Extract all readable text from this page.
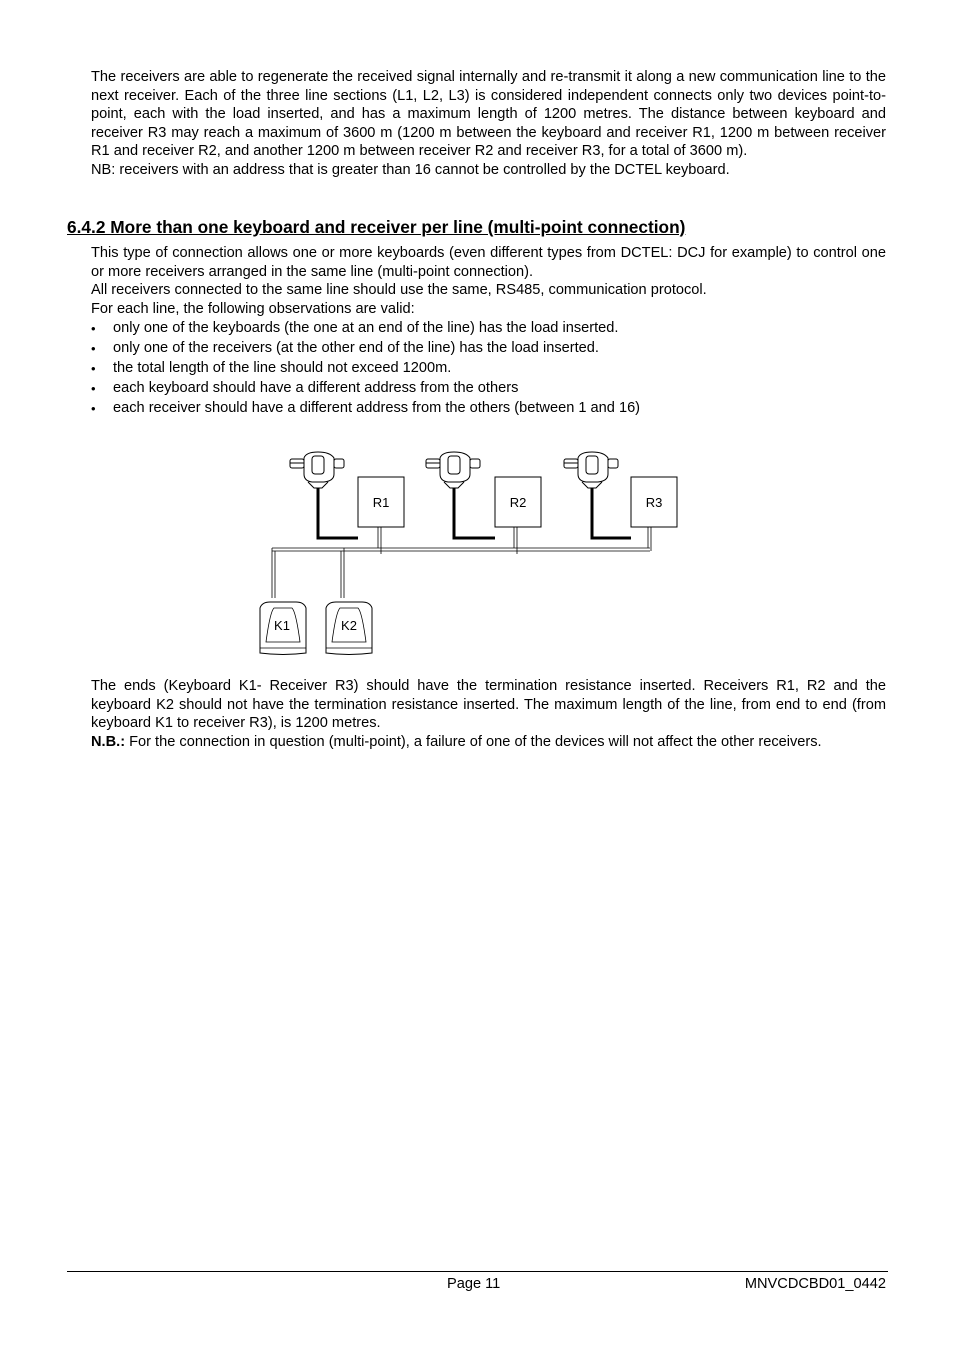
The receivers are able to regenerate the received signal internally and re-transmit it along a new communication line to the next receiver. Each of the three line sections (L1, L2, L3) is considered independent connects only two devices point-to-point, each with the load inserted, and has a maximum length of 1200 metres. The distance between keyboard and receiver R3 may reach a maximum of 3600 m (1200 m between the keyboard and receiver R1, 1200 m between receiver R1 and receiver R2, and another 1200 m between receiver R2 and receiver R3, for a total of 3600 m).
NB: receivers with an address that is greater than 16 cannot be controlled by the DCTEL keyboard.

6.4.2 More than one keyboard and receiver per line (multi-point connection)

This type of connection allows one or more keyboards (even different types from DCTEL: DCJ for example) to control one or more receivers arranged in the same line (multi-point connection).
All receivers connected to the same line should use the same, RS485, communication protocol.
For each line, the following observations are valid:

• only one of the keyboards (the one at an end of the line) has the load inserted.
• only one of the receivers (at the other end of the line) has the load inserted.
• the total length of the line should not exceed 1200m.
• each keyboard should have a different address from the others
• each receiver should have a different address from the others (between 1 and 16)
R1	R2	R3
K1	K2

The ends (Keyboard K1- Receiver R3) should have the termination resistance inserted. Receivers R1, R2 and the keyboard K2 should not have the termination resistance inserted. The maximum length of the line, from end to end (from keyboard K1 to receiver R3), is 1200 metres.
N.B.: For the connection in question (multi-point), a failure of one of the devices will not affect the other receivers.

Page 11	MNVCDCBD01_0442
